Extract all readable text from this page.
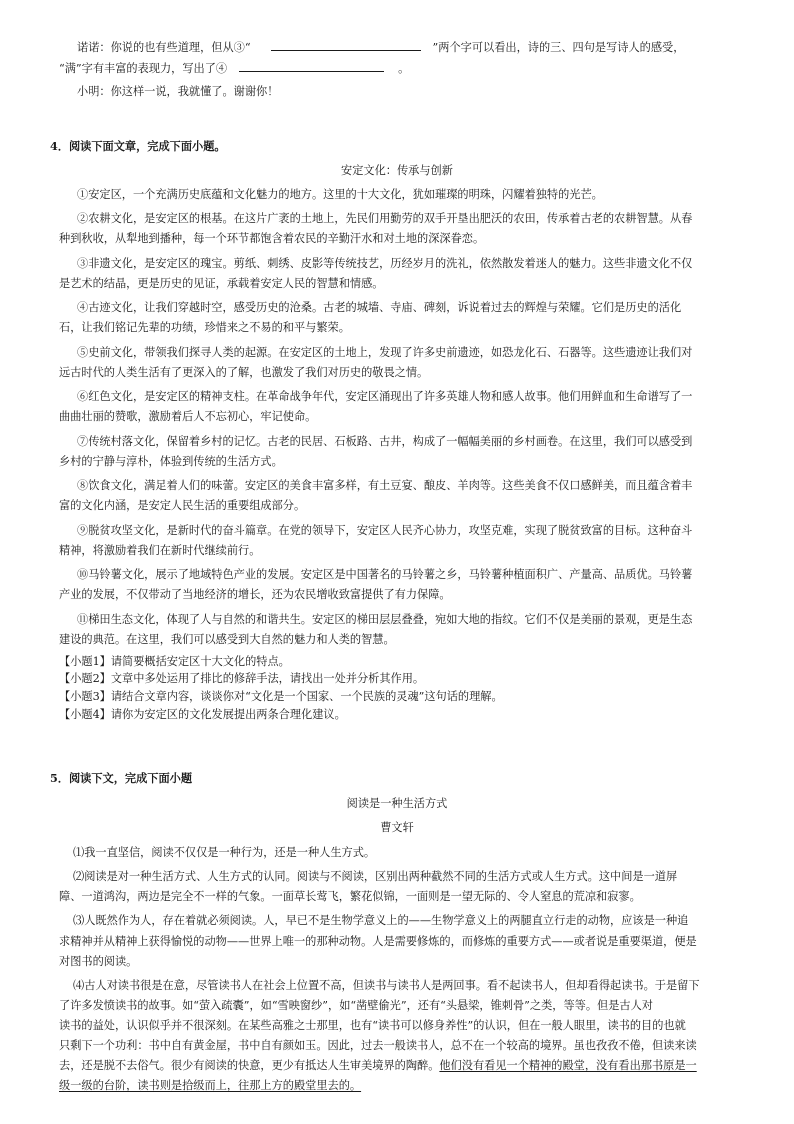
诺诺：你说的也有些道理，但从③“	”两个字可以看出，诗的三、四句是写诗人的感受，
“满”字有丰富的表现力，写出了④	。
小明：你这样一说，我就懂了。谢谢你！
4．阅读下面文章，完成下面小题。
安定文化：传承与创新
①安定区，一个充满历史底蕴和文化魅力的地方。这里的十大文化，犹如璀璨的明珠，闪耀着独特的光芒。
②农耕文化，是安定区的根基。在这片广袤的土地上，先民们用勤劳的双手开垦出肥沃的农田，传承着古老的农耕智慧。从春
种到秋收，从犁地到播种，每一个环节都饱含着农民的辛勤汗水和对土地的深深眷恋。
③非遗文化，是安定区的瑰宝。剪纸、刺绣、皮影等传统技艺，历经岁月的洗礼，依然散发着迷人的魅力。这些非遗文化不仅
是艺术的结晶，更是历史的见证，承载着安定人民的智慧和情感。
④古迹文化，让我们穿越时空，感受历史的沧桑。古老的城墙、寺庙、碑刻，诉说着过去的辉煌与荣耀。它们是历史的活化
石，让我们铭记先辈的功绩，珍惜来之不易的和平与繁荣。
⑤史前文化，带领我们探寻人类的起源。在安定区的土地上，发现了许多史前遗迹，如恐龙化石、石器等。这些遗迹让我们对
远古时代的人类生活有了更深入的了解，也激发了我们对历史的敬畏之情。
⑥红色文化，是安定区的精神支柱。在革命战争年代，安定区涌现出了许多英雄人物和感人故事。他们用鲜血和生命谱写了一
曲曲壮丽的赞歌，激励着后人不忘初心，牢记使命。
⑦传统村落文化，保留着乡村的记忆。古老的民居、石板路、古井，构成了一幅幅美丽的乡村画卷。在这里，我们可以感受到
乡村的宁静与淳朴，体验到传统的生活方式。
⑧饮食文化，满足着人们的味蕾。安定区的美食丰富多样，有土豆宴、酿皮、羊肉等。这些美食不仅口感鲜美，而且蕴含着丰
富的文化内涵，是安定人民生活的重要组成部分。
⑨脱贫攻坚文化，是新时代的奋斗篇章。在党的领导下，安定区人民齐心协力，攻坚克难，实现了脱贫致富的目标。这种奋斗
精神，将激励着我们在新时代继续前行。
⑩马铃薯文化，展示了地域特色产业的发展。安定区是中国著名的马铃薯之乡，马铃薯种植面积广、产量高、品质优。马铃薯
产业的发展，不仅带动了当地经济的增长，还为农民增收致富提供了有力保障。
⑪梯田生态文化，体现了人与自然的和谐共生。安定区的梯田层层叠叠，宛如大地的指纹。它们不仅是美丽的景观，更是生态
建设的典范。在这里，我们可以感受到大自然的魅力和人类的智慧。
【小题1】请简要概括安定区十大文化的特点。
【小题2】文章中多处运用了排比的修辞手法，请找出一处并分析其作用。
【小题3】请结合文章内容，谈谈你对“文化是一个国家、一个民族的灵魂”这句话的理解。
【小题4】请你为安定区的文化发展提出两条合理化建议。
5．阅读下文，完成下面小题
阅读是一种生活方式
曹文轩
⑴我一直坚信，阅读不仅仅是一种行为，还是一种人生方式。
⑵阅读是对一种生活方式、人生方式的认同。阅读与不阅读，区别出两种截然不同的生活方式或人生方式。这中间是一道屏
障、一道鸿沟，两边是完全不一样的气象。一面草长莺飞，繁花似锦，一面则是一望无际的、令人窒息的荒凉和寂寥。
⑶人既然作为人，存在着就必须阅读。人，早已不是生物学意义上的——生物学意义上的两腿直立行走的动物，应该是一种追
求精神并从精神上获得愉悦的动物——世界上唯一的那种动物。人是需要修炼的，而修炼的重要方式——或者说是重要渠道，便是
对图书的阅读。
⑷古人对读书很是在意，尽管读书人在社会上位置不高，但读书与读书人是两回事。看不起读书人，但却看得起读书。于是留下
了许多发愤读书的故事。如“萤入疏囊”，如“雪映窗纱”，如“凿壁偷光”，还有“头悬梁，锥刺骨”之类，等等。但是古人对
读书的益处，认识似乎并不很深刻。在某些高雅之士那里，也有“读书可以修身养性”的认识，但在一般人眼里，读书的目的也就
只剩下一个功利：书中自有黄金屋，书中自有颜如玉。因此，过去一般读书人，总不在一个较高的境界。虽也孜孜不倦，但读来读
去，还是脱不去俗气。很少有阅读的快意，更少有抵达人生审美境界的陶醉。他们没有看见一个精神的殿堂，没有看出那书原是一
级一级的台阶，读书则是拾级而上，往那上方的殿堂里去的。
